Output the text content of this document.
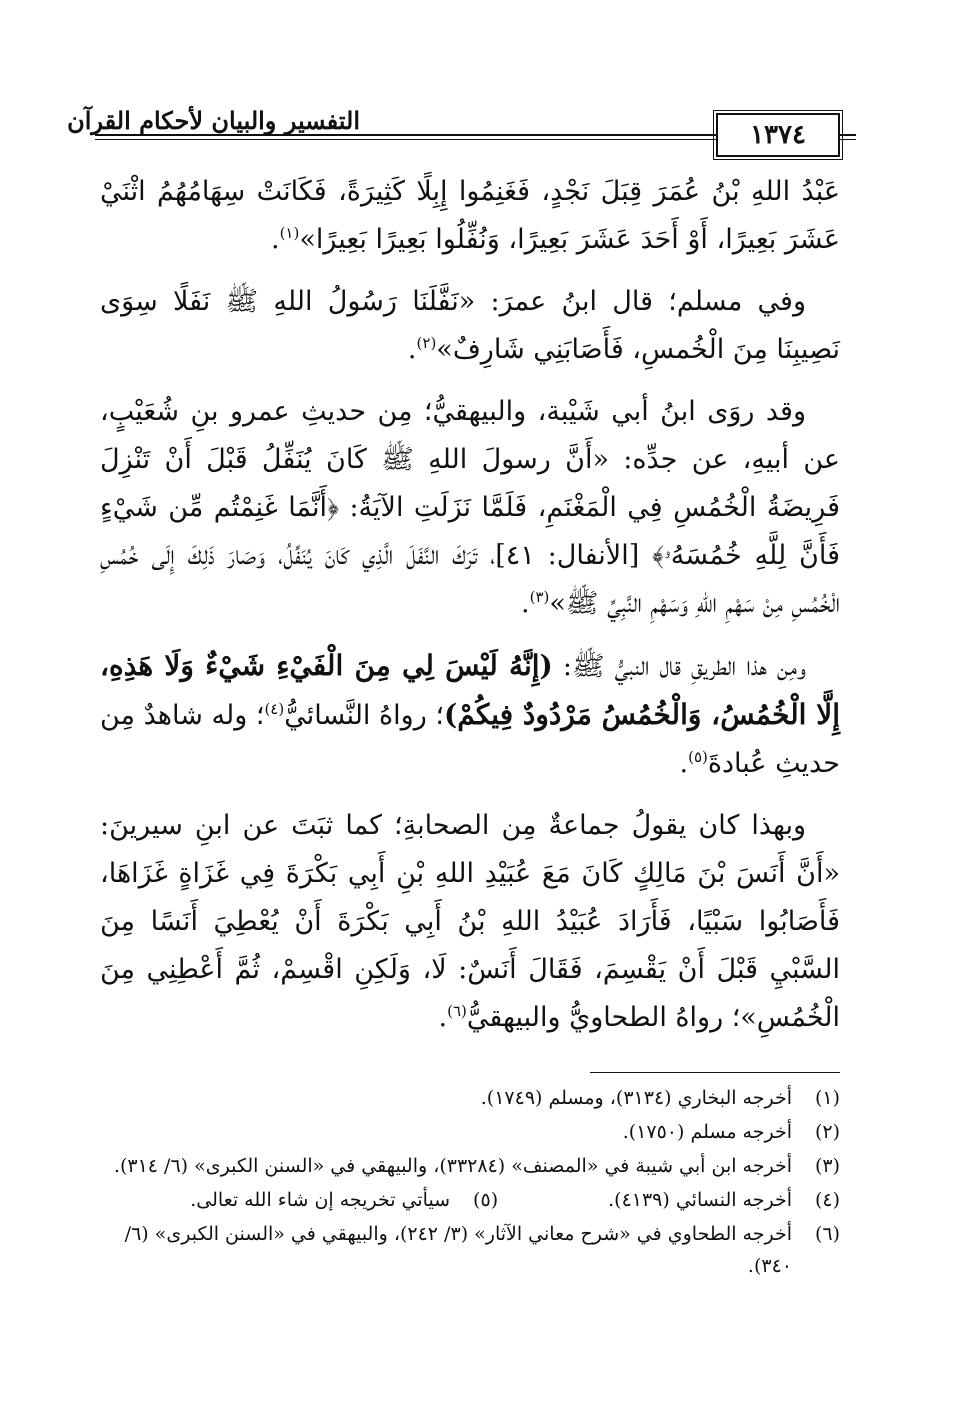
التفسير والبيان لأحكام القرآن	١٣٧٤

عَبْدُ اللهِ بْنُ عُمَرَ قِبَلَ نَجْدٍ، فَغَنِمُوا إِبِلًا كَثِيرَةً، فَكَانَتْ سِهَامُهُمُ اثْنَيْ عَشَرَ بَعِيرًا، أَوْ أَحَدَ عَشَرَ بَعِيرًا، وَنُفِّلُوا بَعِيرًا بَعِيرًا»$^{(١)}$.

وفي مسلم؛ قال ابنُ عمرَ: «نَفَّلَنَا رَسُولُ اللهِ ﷺ نَفَلًا سِوَى نَصِيبِنَا مِنَ الْخُمسِ، فَأَصَابَنِي شَارِفٌ»$^{(٢)}$.

وقد روَى ابنُ أبي شَيْبة، والبيهقيُّ؛ مِن حديثِ عمرو بنِ شُعَيْبٍ، عن أبيهِ، عن جدِّه: «أَنَّ رسولَ اللهِ ﷺ كَانَ يُنَفِّلُ قَبْلَ أَنْ تَنْزِلَ فَرِيضَةُ الْخُمُسِ فِي الْمَغْنَمِ، فَلَمَّا نَزَلَتِ الآيَةُ: ﴿أَنَّمَا غَنِمْتُم مِّن شَيْءٍ فَأَنَّ لِلَّهِ خُمُسَهُۥ﴾ [الأنفال: ٤١]، تَرَكَ النَّفَلَ الَّذِي كَانَ يُنَفِّلُ، وَصَارَ ذَلِكَ إِلَى خُمُسِ الْخُمُسِ مِنْ سَهْمِ اللهِ وَسَهْمِ النَّبِيِّ ﷺ»$^{(٣)}$.

ومِن هذا الطريقِ قال النبيُّ ﷺ: (إِنَّهُ لَيْسَ لِي مِنَ الْفَيْءِ شَيْءٌ وَلَا هَذِهِ، إِلَّا الْخُمُسُ، وَالْخُمُسُ مَرْدُودٌ فِيكُمْ)؛ رواهُ النَّسائيُّ$^{(٤)}$؛ وله شاهدٌ مِن حديثِ عُبادةَ$^{(٥)}$.

وبهذا كان يقولُ جماعةٌ مِن الصحابةِ؛ كما ثبَتَ عن ابنِ سيرينَ: «أَنَّ أَنَسَ بْنَ مَالِكٍ كَانَ مَعَ عُبَيْدِ اللهِ بْنِ أَبِي بَكْرَةَ فِي غَزَاةٍ غَزَاهَا، فَأَصَابُوا سَبْيًا، فَأَرَادَ عُبَيْدُ اللهِ بْنُ أَبِي بَكْرَةَ أَنْ يُعْطِيَ أَنَسًا مِنَ السَّبْيِ قَبْلَ أَنْ يَقْسِمَ، فَقَالَ أَنَسٌ: لَا، وَلَكِنِ اقْسِمْ، ثُمَّ أَعْطِنِي مِنَ الْخُمُسِ»؛ رواهُ الطحاويُّ والبيهقيُّ$^{(٦)}$.

(١)
أخرجه البخاري (٣١٣٤)، ومسلم (١٧٤٩).
(٢)
أخرجه مسلم (١٧٥٠).
(٣)
أخرجه ابن أبي شيبة في «المصنف» (٣٣٢٨٤)، والبيهقي في «السنن الكبرى» (٦/ ٣١٤).
(٤)
أخرجه النسائي (٤١٣٩).
(٥)
سيأتي تخريجه إن شاء الله تعالى.
(٦)
أخرجه الطحاوي في «شرح معاني الآثار» (٣/ ٢٤٢)، والبيهقي في «السنن الكبرى» (٦/ ٣٤٠).
